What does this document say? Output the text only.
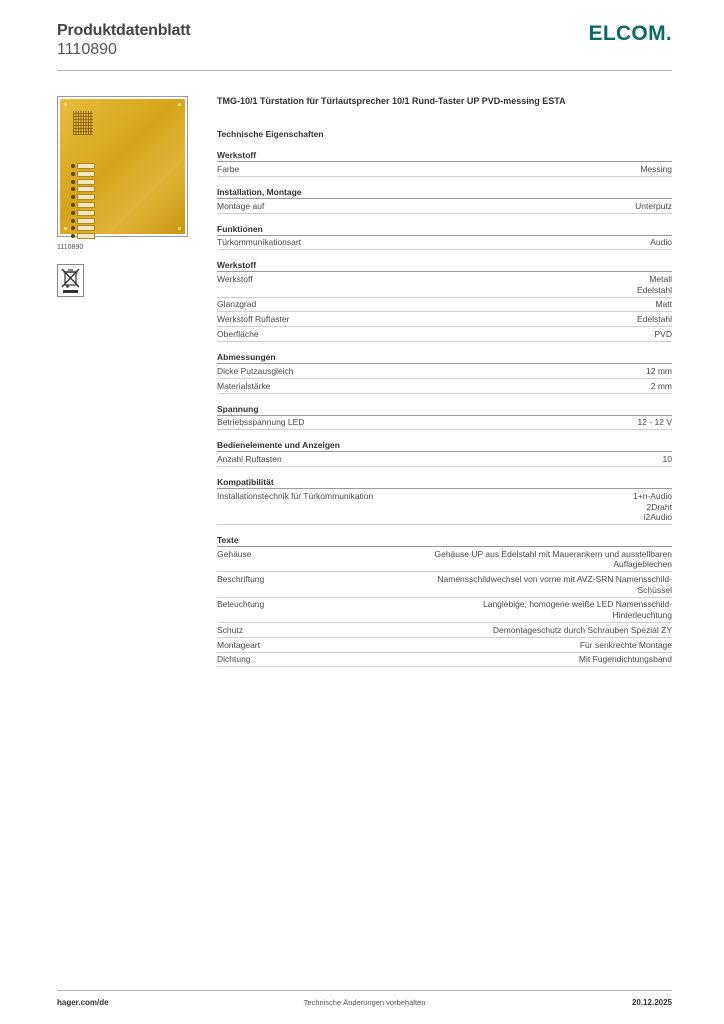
Produktdatenblatt
1110890
ELCOM.
1110890
TMG-10/1 Türstation für Türlautsprecher 10/1 Rund-Taster UP PVD-messing ESTA
Technische Eigenschaften
Werkstoff
Farbe	Messing
Installation, Montage
Montage auf	Unterputz
Funktionen
Türkommunikationsart	Audio
Werkstoff
Werkstoff	Metall
Edelstahl
Glanzgrad	Matt
Werkstoff Ruftaster	Edelstahl
Oberfläche	PVD
Abmessungen
Dicke Putzausgleich	12 mm
Materialstärke	2 mm
Spannung
Betriebsspannung LED	12 - 12 V
Bedienelemente und Anzeigen
Anzahl Ruftasten	10
Kompatibilität
Installationstechnik für Türkommunikation	1+n-Audio
2Draht
i2Audio
Texte
Gehäuse	Gehäuse UP aus Edelstahl mit Mauerankern und ausstellbaren
Auflageblechen
Beschriftung	Namensschildwechsel von vorne mit AVZ-SRN Namensschild-
Schüssel
Beleuchtung	Langlebige, homogene weiße LED Namensschild-
Hinterleuchtung
Schutz	Demontageschutz durch Schrauben Spezial ZY
Montageart	Für senkrechte Montage
Dichtung	Mit Fugendichtungsband
hager.com/de	Technische Änderungen vorbehalten	20.12.2025
